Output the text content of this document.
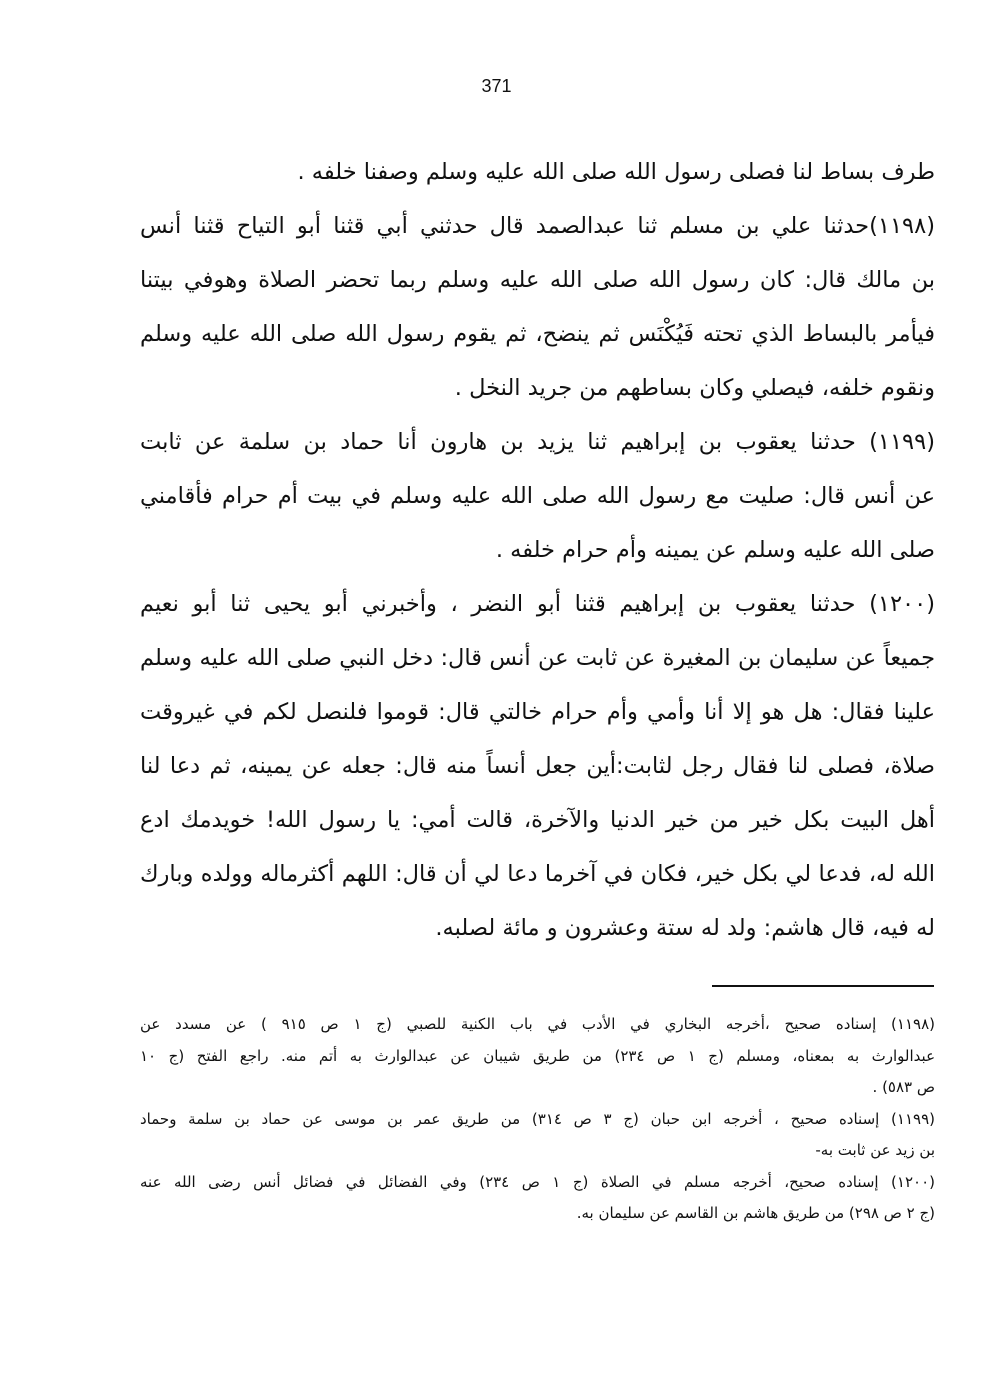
371
طرف بساط لنا فصلى رسول الله صلى الله عليه وسلم وصفنا خلفه .
(١١٩٨)حدثنا علي بن مسلم ثنا عبدالصمد قال حدثني أبي قثنا أبو التياح قثنا أنس
بن مالك قال: كان رسول الله صلى الله عليه وسلم ربما تحضر الصلاة وهوفي بيتنا
فيأمر بالبساط الذي تحته فَيُكْنَس ثم ينضح، ثم يقوم رسول الله صلى الله عليه وسلم
ونقوم خلفه، فيصلي وكان بساطهم من جريد النخل .
(١١٩٩) حدثنا يعقوب بن إبراهيم ثنا يزيد بن هارون أنا حماد بن سلمة عن ثابت
عن أنس قال: صليت مع رسول الله صلى الله عليه وسلم في بيت أم حرام فأقامني
صلى الله عليه وسلم عن يمينه وأم حرام خلفه .
(١٢٠٠) حدثنا يعقوب بن إبراهيم قثنا أبو النضر ، وأخبرني أبو يحيى ثنا أبو نعيم
جميعاً عن سليمان بن المغيرة عن ثابت عن أنس قال: دخل النبي صلى الله عليه وسلم
علينا فقال: هل هو إلا أنا وأمي وأم حرام خالتي قال: قوموا فلنصل لكم في غيروقت
صلاة، فصلى لنا فقال رجل لثابت:أين جعل أنساً منه قال: جعله عن يمينه، ثم دعا لنا
أهل البيت بكل خير من خير الدنيا والآخرة، قالت أمي: يا رسول الله! خويدمك ادع
الله له، فدعا لي بكل خير، فكان في آخرما دعا لي أن قال: اللهم أكثرماله وولده وبارك
له فيه، قال هاشم: ولد له ستة وعشرون و مائة لصلبه.
(١١٩٨) إسناده صحيح ،أخرجه البخاري في الأدب في باب الكنية للصبي (ج ١ ص ٩١٥ ) عن مسدد عن
عبدالوارث به بمعناه، ومسلم (ج ١ ص ٢٣٤) من طريق شيبان عن عبدالوارث به أتم منه. راجع الفتح (ج ١٠
ص ٥٨٣) .
(١١٩٩) إسناده صحيح ، أخرجه ابن حبان (ج ٣ ص ٣١٤) من طريق عمر بن موسى عن حماد بن سلمة وحماد
بن زيد عن ثابت به-
(١٢٠٠) إسناده صحيح، أخرجه مسلم في الصلاة (ج ١ ص ٢٣٤) وفي الفضائل في فضائل أنس رضى الله عنه
(ج ٢ ص ٢٩٨) من طريق هاشم بن القاسم عن سليمان به.
